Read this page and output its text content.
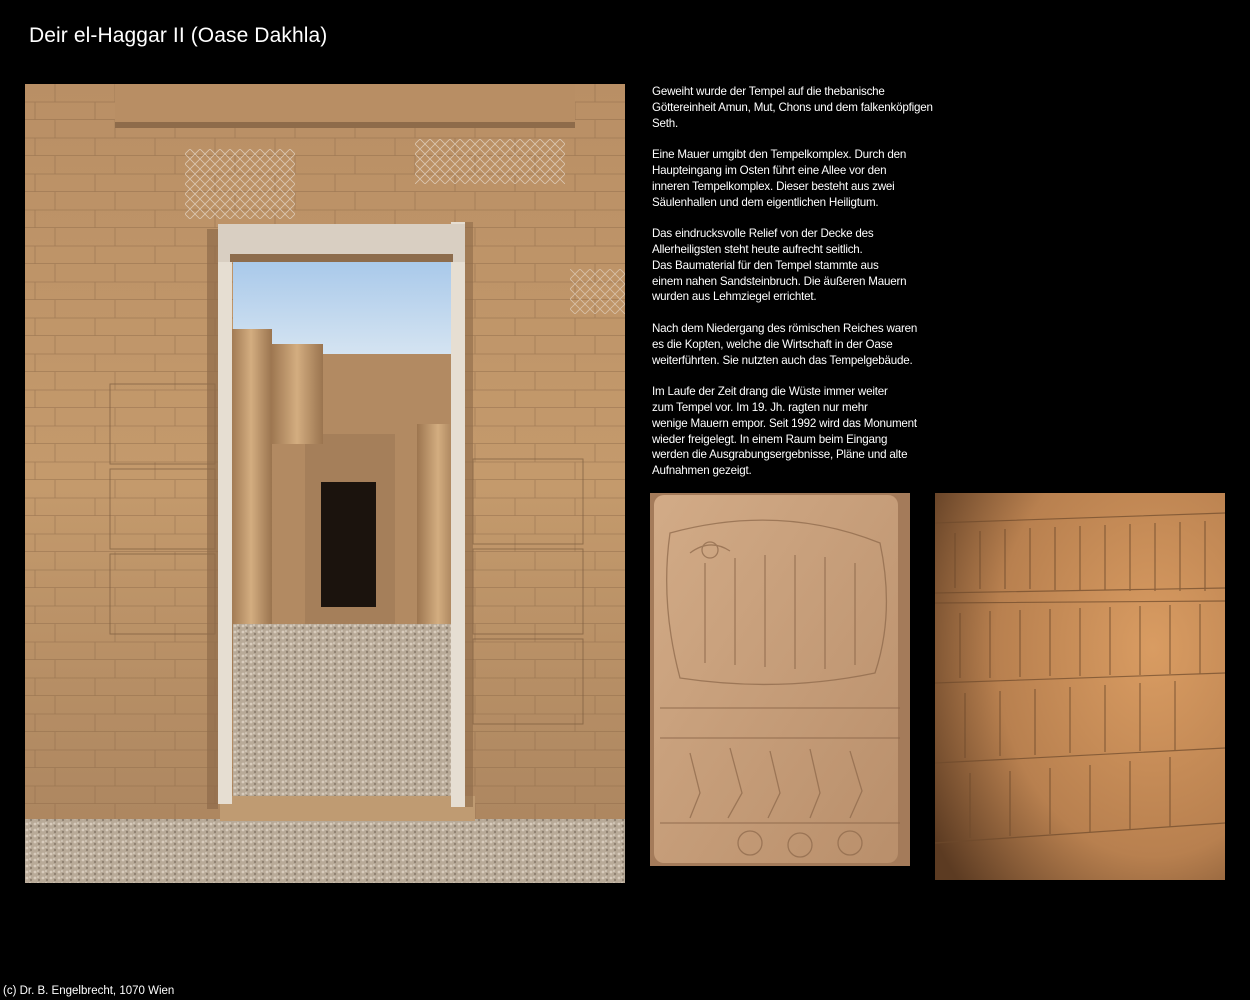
Deir el-Haggar II (Oase Dakhla)

Geweiht wurde der Tempel auf die thebanische
Göttereinheit Amun, Mut, Chons und dem falkenköpfigen
Seth.

Eine Mauer umgibt den Tempelkomplex. Durch den
Haupteingang im Osten führt eine Allee vor den
inneren Tempelkomplex. Dieser besteht aus zwei
Säulenhallen und dem eigentlichen Heiligtum.

Das eindrucksvolle Relief von der Decke des
Allerheiligsten steht heute aufrecht seitlich.
Das Baumaterial für den Tempel stammte aus
einem nahen Sandsteinbruch. Die äußeren Mauern
wurden aus Lehmziegel errichtet.

Nach dem Niedergang des römischen Reiches waren
es die Kopten, welche die Wirtschaft in der Oase
weiterführten. Sie nutzten auch das Tempelgebäude.

Im Laufe der Zeit drang die Wüste immer weiter
zum Tempel vor. Im 19. Jh. ragten nur mehr
wenige Mauern empor. Seit 1992 wird das Monument
wieder freigelegt. In einem Raum beim Eingang
werden die Ausgrabungsergebnisse, Pläne und alte
Aufnahmen gezeigt.

(c) Dr. B. Engelbrecht, 1070 Wien
